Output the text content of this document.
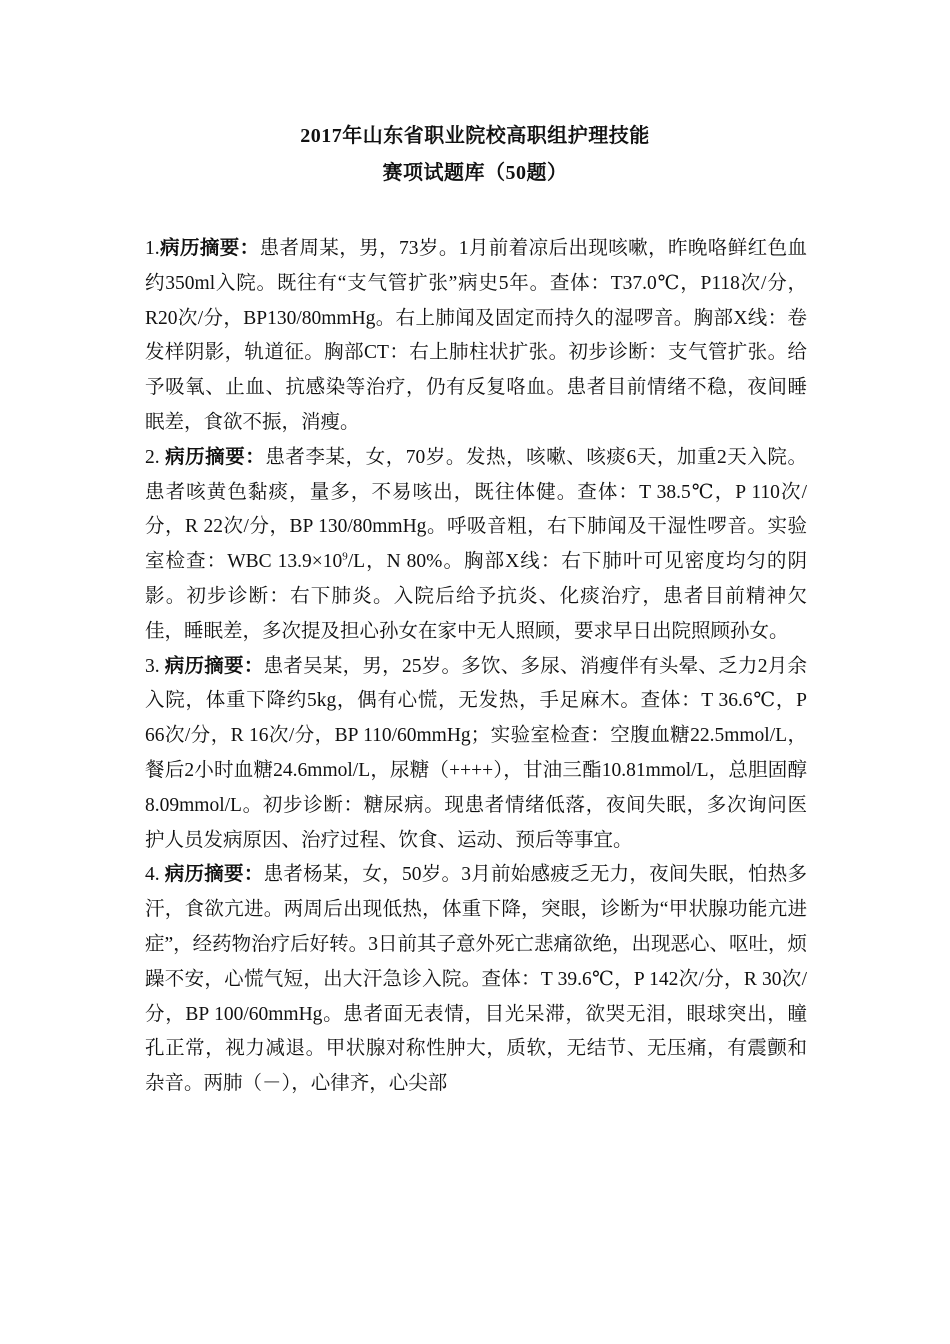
2017年山东省职业院校高职组护理技能
赛项试题库（50题）

1.病历摘要：患者周某，男，73岁。1月前着凉后出现咳嗽，昨晚咯鲜红色血约350ml入院。既往有“支气管扩张”病史5年。查体：T37.0℃，P118次/分，R20次/分，BP130/80mmHg。右上肺闻及固定而持久的湿啰音。胸部X线：卷发样阴影，轨道征。胸部CT：右上肺柱状扩张。初步诊断：支气管扩张。给予吸氧、止血、抗感染等治疗，仍有反复咯血。患者目前情绪不稳，夜间睡眠差，食欲不振，消瘦。

2. 病历摘要：患者李某，女，70岁。发热，咳嗽、咳痰6天，加重2天入院。患者咳黄色黏痰，量多，不易咳出，既往体健。查体：T 38.5℃，P 110次/分，R 22次/分，BP 130/80mmHg。呼吸音粗，右下肺闻及干湿性啰音。实验室检查：WBC $13.9\times 10^9/L$，N 80%。胸部X线：右下肺叶可见密度均匀的阴影。初步诊断：右下肺炎。入院后给予抗炎、化痰治疗，患者目前精神欠佳，睡眠差，多次提及担心孙女在家中无人照顾，要求早日出院照顾孙女。

3. 病历摘要：患者吴某，男，25岁。多饮、多尿、消瘦伴有头晕、乏力2月余入院，体重下降约5kg，偶有心慌，无发热，手足麻木。查体：T 36.6℃，P 66次/分，R 16次/分，BP 110/60mmHg；实验室检查：空腹血糖22.5mmol/L，餐后2小时血糖24.6mmol/L，尿糖（++++），甘油三酯10.81mmol/L，总胆固醇8.09mmol/L。初步诊断：糖尿病。现患者情绪低落，夜间失眠，多次询问医护人员发病原因、治疗过程、饮食、运动、预后等事宜。

4. 病历摘要：患者杨某，女，50岁。3月前始感疲乏无力，夜间失眠，怕热多汗，食欲亢进。两周后出现低热，体重下降，突眼，诊断为“甲状腺功能亢进症”，经药物治疗后好转。3日前其子意外死亡悲痛欲绝，出现恶心、呕吐，烦躁不安，心慌气短，出大汗急诊入院。查体：T 39.6℃，P 142次/分，R 30次/分，BP 100/60mmHg。患者面无表情，目光呆滞，欲哭无泪，眼球突出，瞳孔正常，视力减退。甲状腺对称性肿大，质软，无结节、无压痛，有震颤和杂音。两肺（－），心律齐，心尖部
